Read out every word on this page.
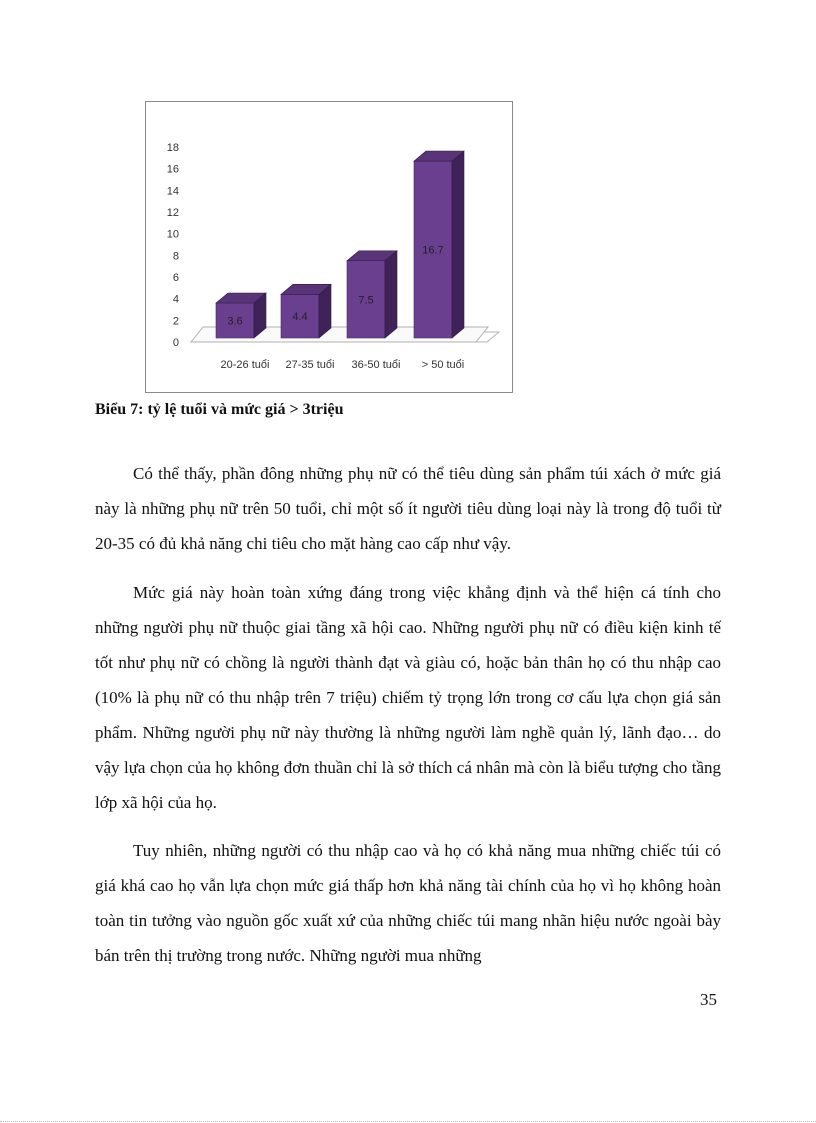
0
2
4
6
8
10
12
14
16
18
3.6
20-26 tuổi
4.4
27-35 tuổi
7.5
36-50 tuổi
16.7
> 50 tuổi
Biểu 7: tỷ lệ tuổi và mức giá > 3triệu

Có thể thấy, phần đông những phụ nữ có thể tiêu dùng sản phẩm túi xách ở mức giá này là những phụ nữ trên 50 tuổi, chỉ một số ít người tiêu dùng loại này là trong độ tuổi từ 20-35 có đủ khả năng chi tiêu cho mặt hàng cao cấp như vậy.

Mức giá này hoàn toàn xứng đáng trong việc khẳng định và thể hiện cá tính cho những người phụ nữ thuộc giai tầng xã hội cao. Những người phụ nữ có điều kiện kinh tế tốt như phụ nữ có chồng là người thành đạt và giàu có, hoặc bản thân họ có thu nhập cao (10% là phụ nữ có thu nhập trên 7 triệu) chiếm tỷ trọng lớn trong cơ cấu lựa chọn giá sản phẩm. Những người phụ nữ này thường là những người làm nghề quản lý, lãnh đạo… do vậy lựa chọn của họ không đơn thuần chỉ là sở thích cá nhân mà còn là biểu tượng cho tầng lớp xã hội của họ.

Tuy nhiên, những người có thu nhập cao và họ có khả năng mua những chiếc túi có giá khá cao họ vẫn lựa chọn mức giá thấp hơn khả năng tài chính của họ vì họ không hoàn toàn tin tưởng vào nguồn gốc xuất xứ của những chiếc túi mang nhãn hiệu nước ngoài bày bán trên thị trường trong nước. Những người mua những

35
